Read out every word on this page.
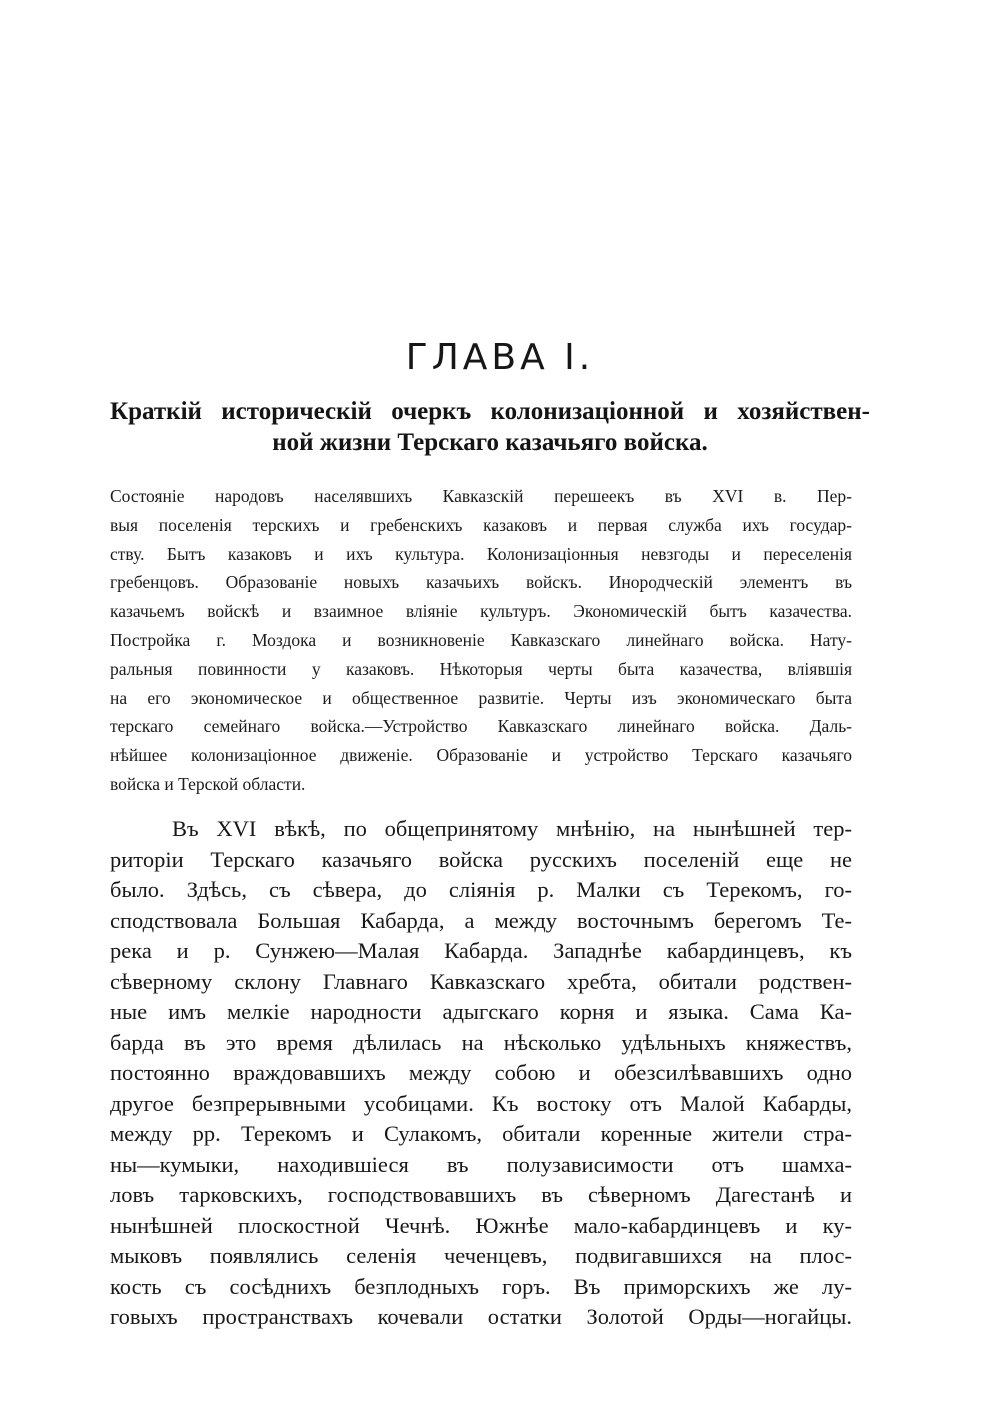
ГЛАВА I.
Краткій историческій очеркъ колонизаціонной и хозяйствен-
ной жизни Терскаго казачьяго войска.
Состояніе народовъ населявшихъ Кавказскій перешеекъ въ XVI в. Пер-
выя поселенія терскихъ и гребенскихъ казаковъ и первая служба ихъ государ-
ству. Бытъ казаковъ и ихъ культура. Колонизаціонныя невзгоды и переселенія
гребенцовъ. Образованіе новыхъ казачьихъ войскъ. Инородческій элементъ въ
казачьемъ войскѣ и взаимное вліяніе культуръ. Экономическій бытъ казачества.
Постройка г. Моздока и возникновеніе Кавказскаго линейнаго войска. Нату-
ральныя повинности у казаковъ. Нѣкоторыя черты быта казачества, вліявшія
на его экономическое и общественное развитіе. Черты изъ экономическаго быта
терскаго семейнаго войска.—Устройство Кавказскаго линейнаго войска. Даль-
нѣйшее колонизаціонное движеніе. Образованіе и устройство Терскаго казачьяго
войска и Терской области.
Въ XVI вѣкѣ, по общепринятому мнѣнію, на нынѣшней тер-
риторіи Терскаго казачьяго войска русскихъ поселеній еще не
было. Здѣсь, съ сѣвера, до сліянія р. Малки съ Терекомъ, го-
сподствовала Большая Кабарда, а между восточнымъ берегомъ Те-
река и р. Сунжею—Малая Кабарда. Западнѣе кабардинцевъ, къ
сѣверному склону Главнаго Кавказскаго хребта, обитали родствен-
ные имъ мелкіе народности адыгскаго корня и языка. Сама Ка-
барда въ это время дѣлилась на нѣсколько удѣльныхъ княжествъ,
постоянно враждовавшихъ между собою и обезсилѣвавшихъ одно
другое безпрерывными усобицами. Къ востоку отъ Малой Кабарды,
между рр. Терекомъ и Сулакомъ, обитали коренные жители стра-
ны—кумыки, находившіеся въ полузависимости отъ шамха-
ловъ тарковскихъ, господствовавшихъ въ сѣверномъ Дагестанѣ и
нынѣшней плоскостной Чечнѣ. Южнѣе мало-кабардинцевъ и ку-
мыковъ появлялись селенія чеченцевъ, подвигавшихся на плос-
кость съ сосѣднихъ безплодныхъ горъ. Въ приморскихъ же лу-
говыхъ пространствахъ кочевали остатки Золотой Орды—ногайцы.
